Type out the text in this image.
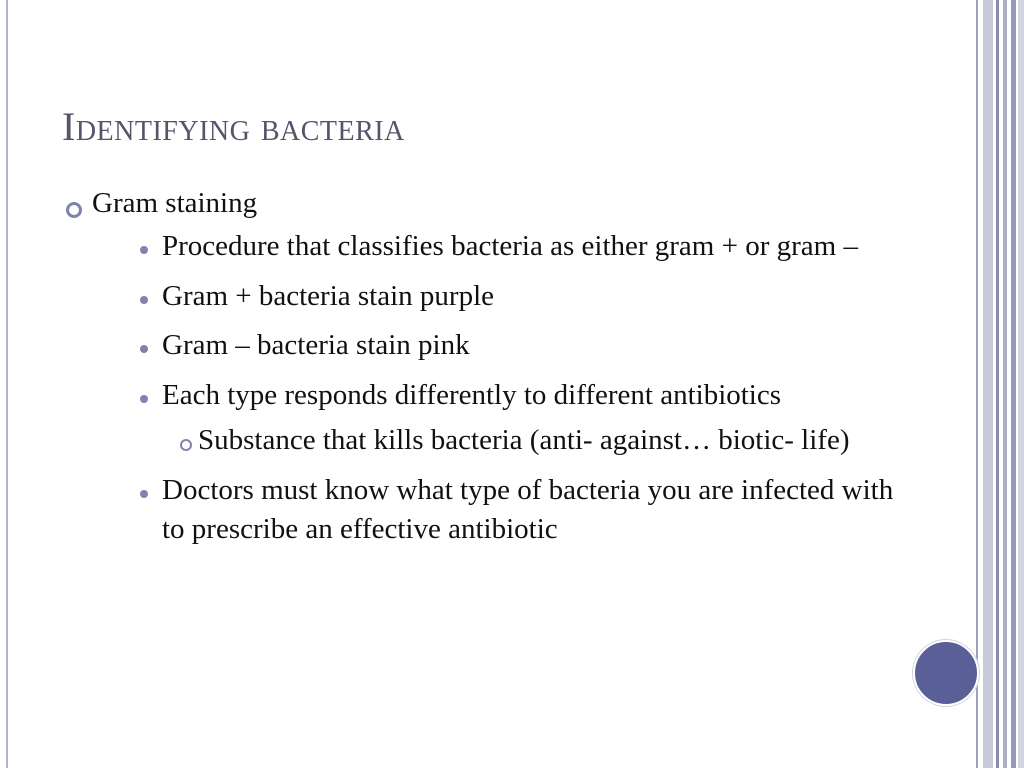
Identifying bacteria
Gram staining
Procedure that classifies bacteria as either gram + or gram –
Gram + bacteria stain purple
Gram – bacteria stain pink
Each type responds differently to different antibiotics
Substance that kills bacteria (anti- against… biotic- life)
Doctors must know what type of bacteria you are infected with to prescribe an effective antibiotic
